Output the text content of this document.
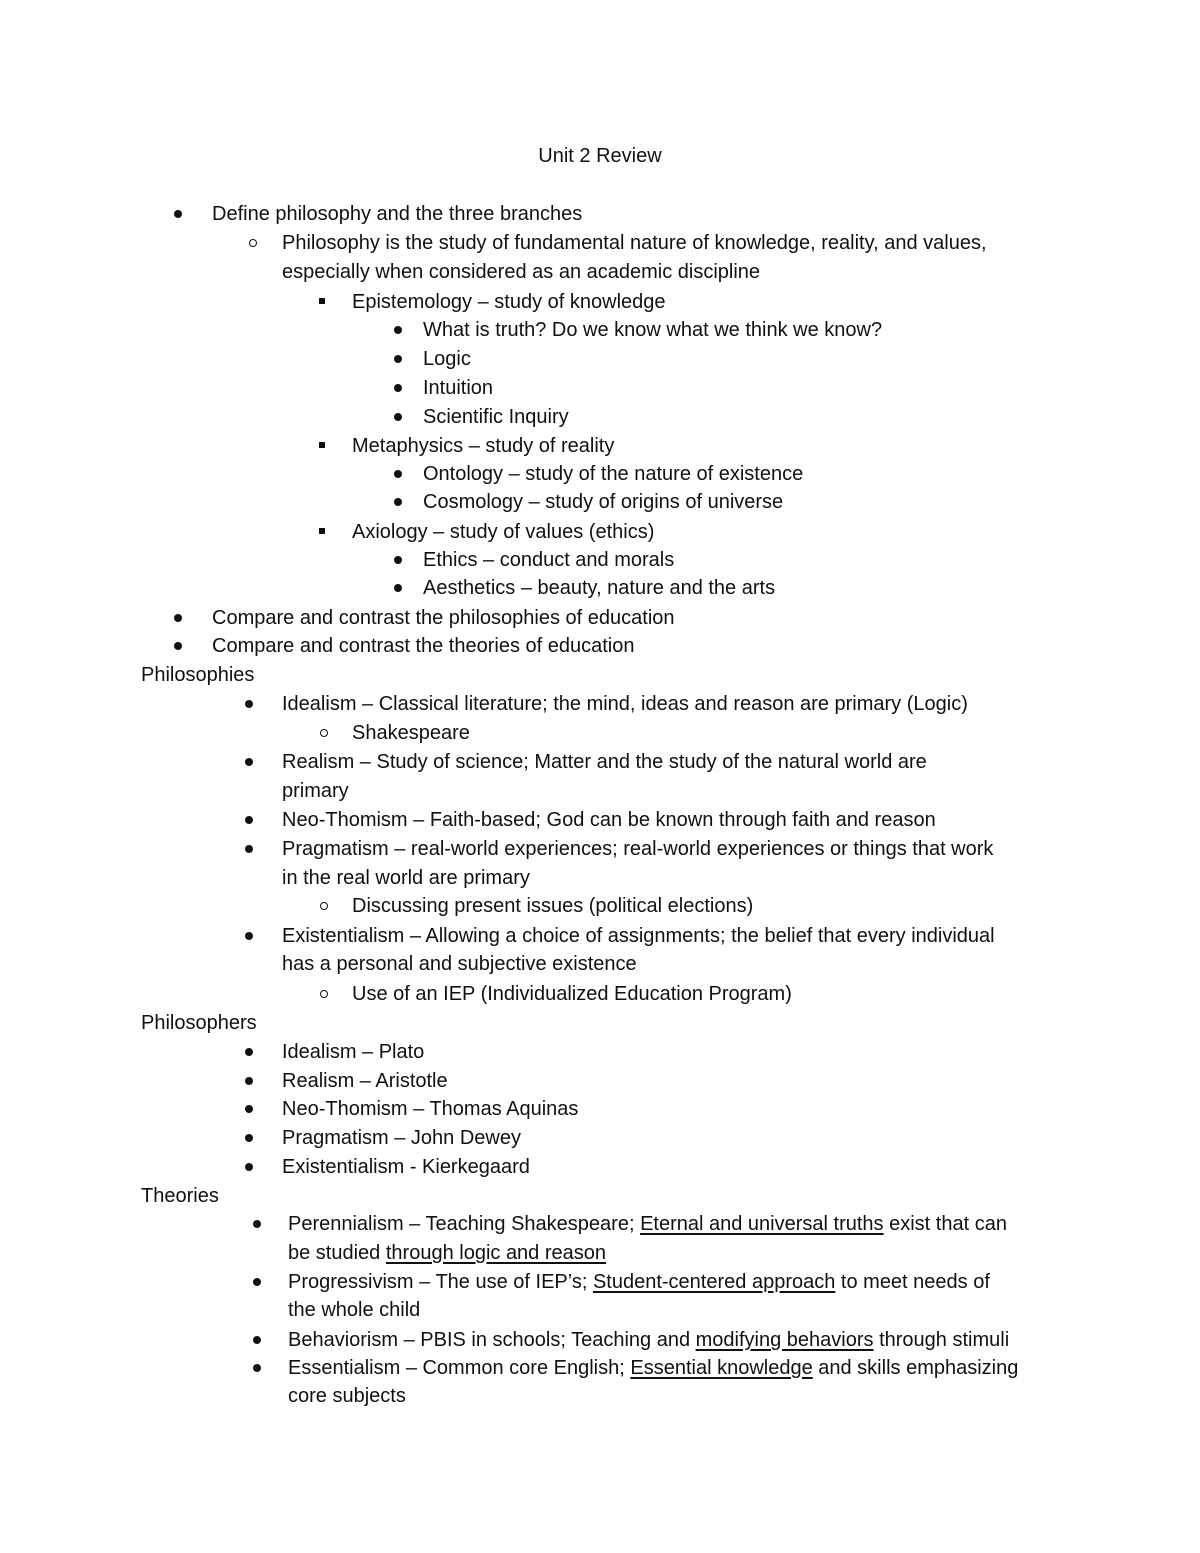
Unit 2 Review
Define philosophy and the three branches
Philosophy is the study of fundamental nature of knowledge, reality, and values,
especially when considered as an academic discipline
Epistemology – study of knowledge
What is truth? Do we know what we think we know?
Logic
Intuition
Scientific Inquiry
Metaphysics – study of reality
Ontology – study of the nature of existence
Cosmology – study of origins of universe
Axiology – study of values (ethics)
Ethics – conduct and morals
Aesthetics – beauty, nature and the arts
Compare and contrast the philosophies of education
Compare and contrast the theories of education
Philosophies
Idealism – Classical literature; the mind, ideas and reason are primary (Logic)
Shakespeare
Realism – Study of science; Matter and the study of the natural world are
primary
Neo-Thomism – Faith-based; God can be known through faith and reason
Pragmatism – real-world experiences; real-world experiences or things that work
in the real world are primary
Discussing present issues (political elections)
Existentialism – Allowing a choice of assignments; the belief that every individual
has a personal and subjective existence
Use of an IEP (Individualized Education Program)
Philosophers
Idealism – Plato
Realism – Aristotle
Neo-Thomism – Thomas Aquinas
Pragmatism – John Dewey
Existentialism - Kierkegaard
Theories
Perennialism – Teaching Shakespeare; Eternal and universal truths exist that can
be studied through logic and reason
Progressivism – The use of IEP’s; Student-centered approach to meet needs of
the whole child
Behaviorism – PBIS in schools; Teaching and modifying behaviors through stimuli
Essentialism – Common core English; Essential knowledge and skills emphasizing
core subjects
